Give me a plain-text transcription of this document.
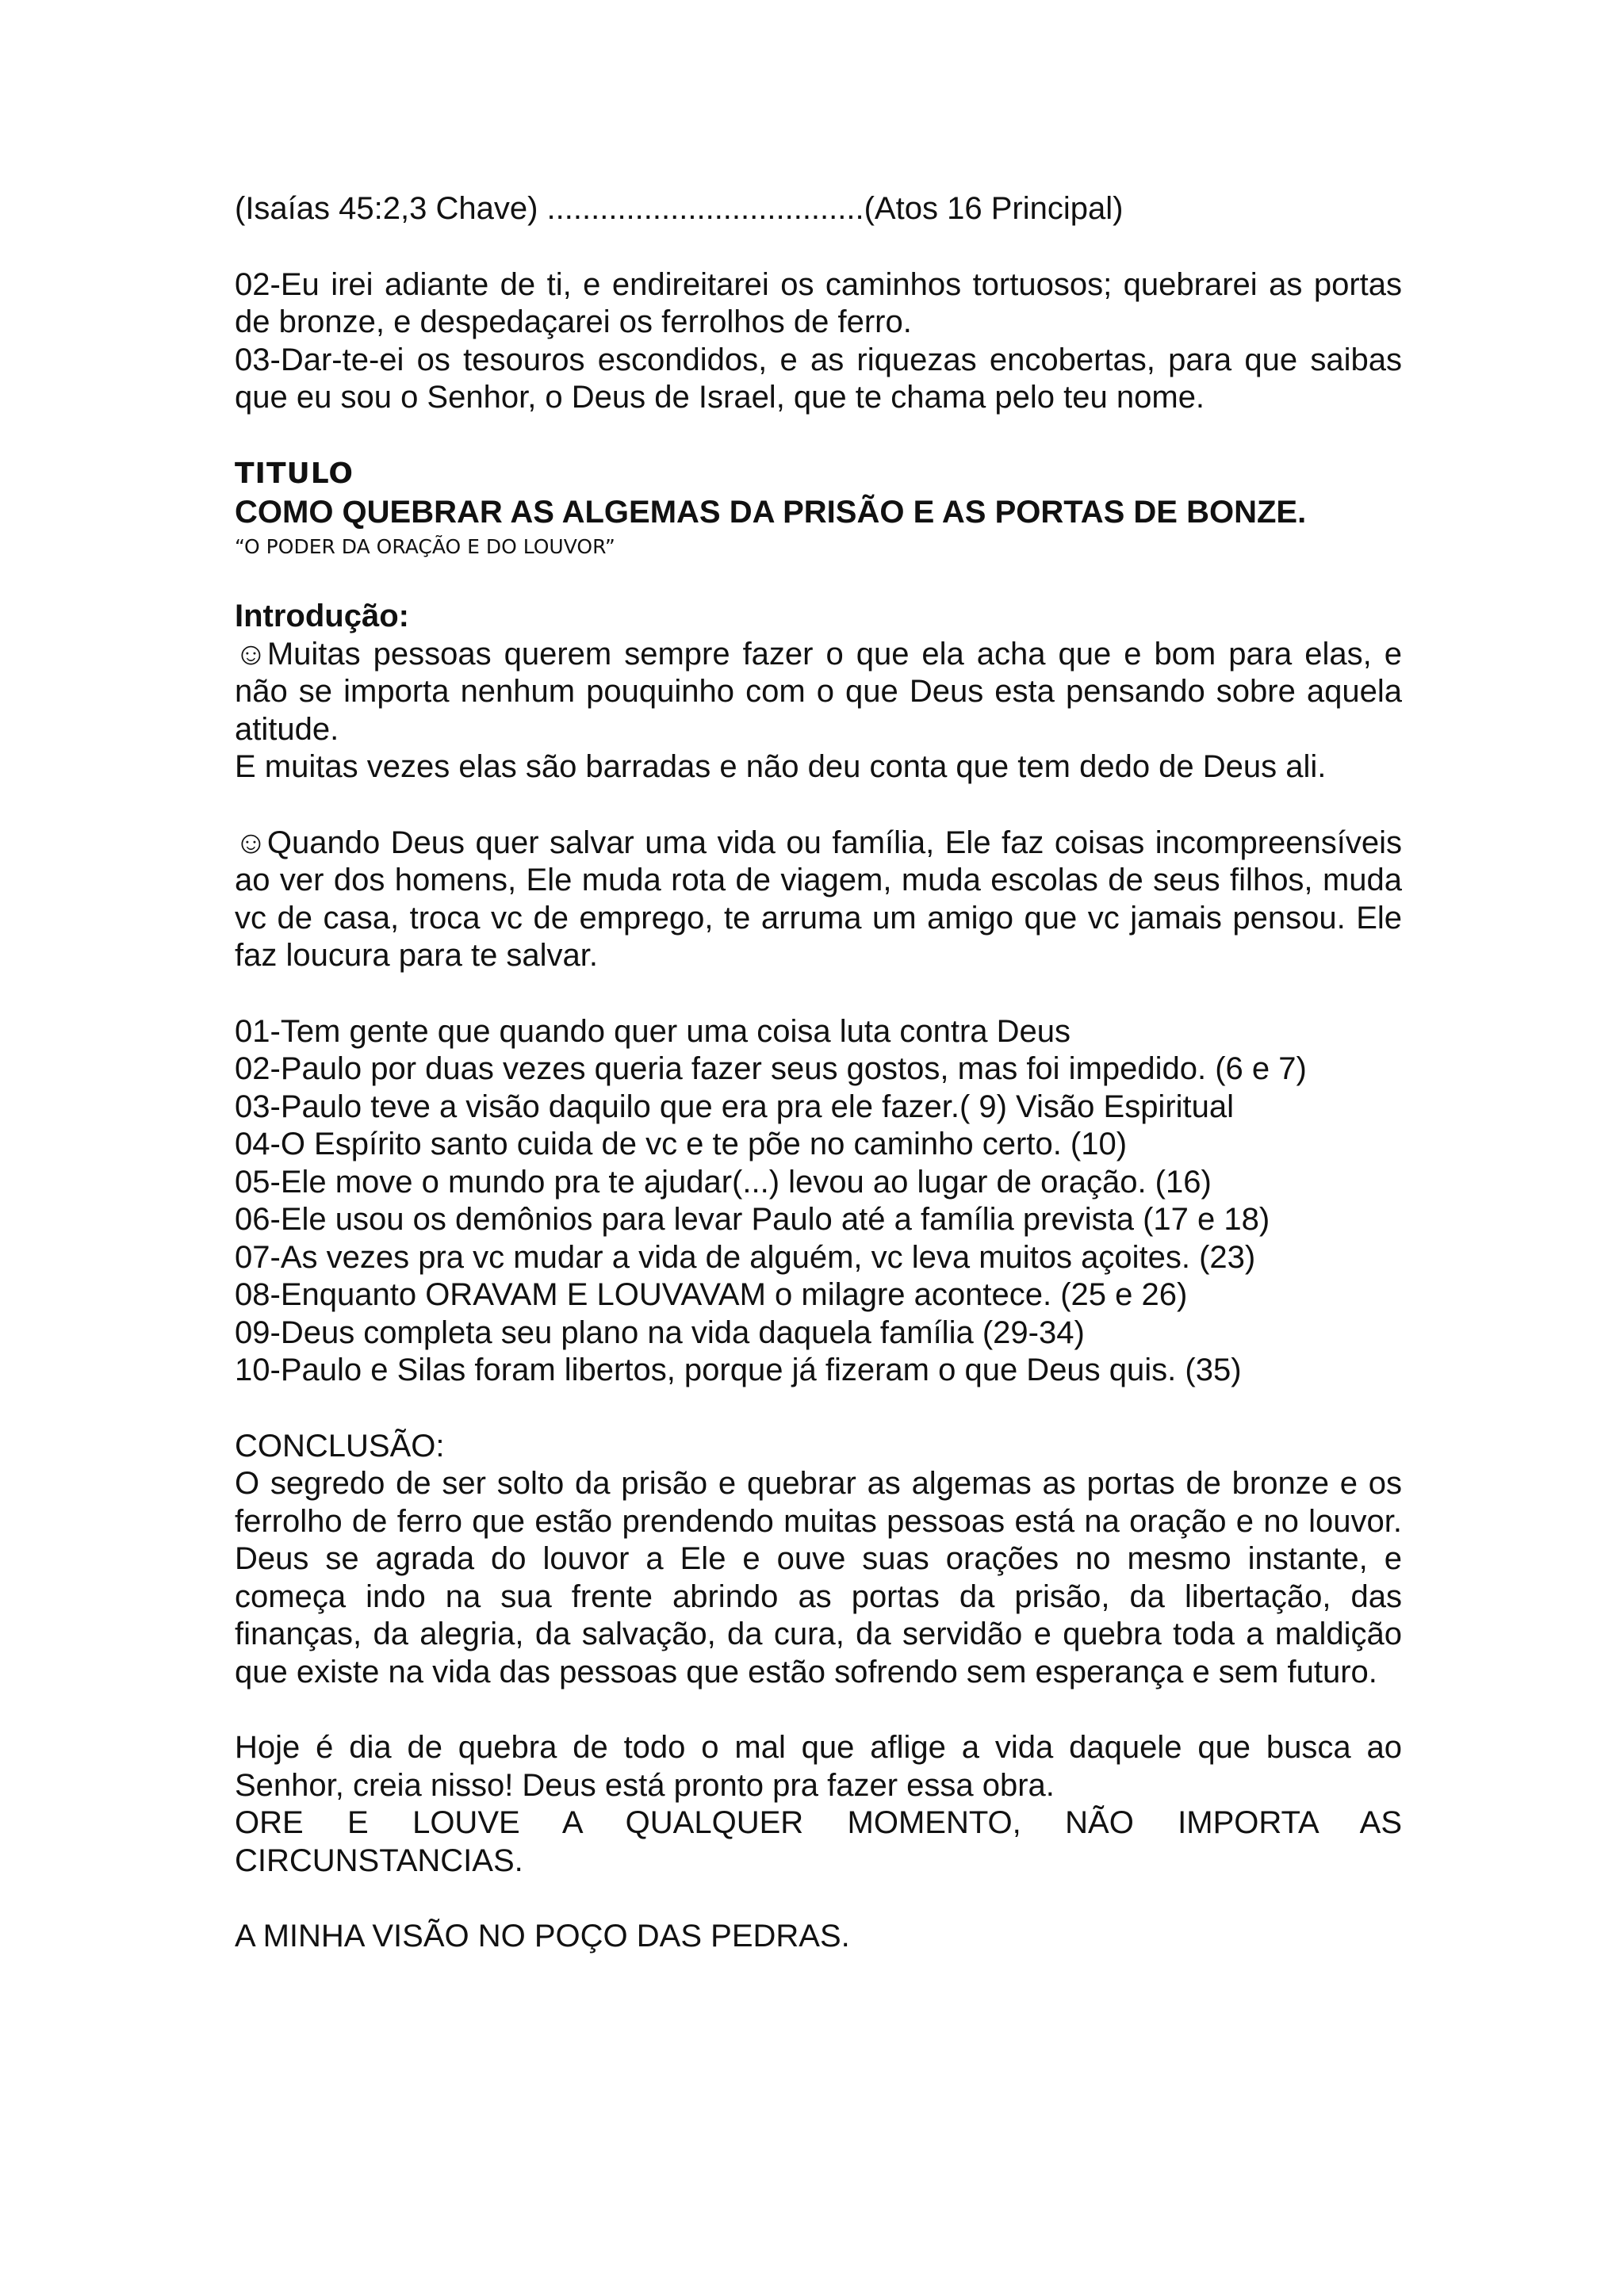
(Isaías 45:2,3 Chave) ....................................(Atos 16 Principal)

02-Eu irei adiante de ti, e endireitarei os caminhos tortuosos; quebrarei as portas de bronze, e despedaçarei os ferrolhos de ferro.

03-Dar-te-ei os tesouros escondidos, e as riquezas encobertas, para que saibas que eu sou o Senhor, o Deus de Israel, que te chama pelo teu nome.

TITULO

COMO QUEBRAR AS ALGEMAS DA PRISÃO E AS PORTAS DE BONZE.

“O PODER DA ORAÇÃO E DO LOUVOR”

Introdução:

☺Muitas pessoas querem sempre fazer o que ela acha que e bom para elas, e não se importa nenhum pouquinho com o que Deus esta pensando sobre aquela atitude.

E muitas vezes elas são barradas e não deu conta que tem dedo de Deus ali.

☺Quando Deus quer salvar uma vida ou família, Ele faz coisas incompreensíveis ao ver dos homens, Ele muda rota de viagem, muda escolas de seus filhos, muda vc de casa, troca vc de emprego, te arruma um amigo que vc jamais pensou. Ele faz loucura para te salvar.

01-Tem gente que quando quer uma coisa luta contra Deus

02-Paulo por duas vezes queria fazer seus gostos, mas foi impedido. (6 e 7)

03-Paulo teve a visão daquilo que era pra ele fazer.( 9) Visão Espiritual

04-O Espírito santo cuida de vc e te põe no caminho certo. (10)

05-Ele move o mundo pra te ajudar(...) levou ao lugar de oração. (16)

06-Ele usou os demônios para levar Paulo até a família prevista (17 e 18)

07-As vezes pra vc mudar a vida de alguém, vc leva muitos açoites. (23)

08-Enquanto ORAVAM E LOUVAVAM o milagre acontece. (25 e 26)

09-Deus completa seu plano na vida daquela família (29-34)

10-Paulo e Silas foram libertos, porque já fizeram o que Deus quis. (35)

CONCLUSÃO:

O segredo de ser solto da prisão e quebrar as algemas as portas de bronze e os ferrolho de ferro que estão prendendo muitas pessoas está na oração e no louvor. Deus se agrada do louvor a Ele e ouve suas orações no mesmo instante, e começa indo na sua frente abrindo as portas da prisão, da libertação, das finanças, da alegria, da salvação, da cura, da servidão e quebra toda a maldição que existe na vida das pessoas que estão sofrendo sem esperança e sem futuro.

Hoje é dia de quebra de todo o mal que aflige a vida daquele que busca ao Senhor, creia nisso! Deus está pronto pra fazer essa obra.

ORE E LOUVE A QUALQUER MOMENTO, NÃO IMPORTA AS CIRCUNSTANCIAS.

A MINHA VISÃO NO POÇO DAS PEDRAS.
